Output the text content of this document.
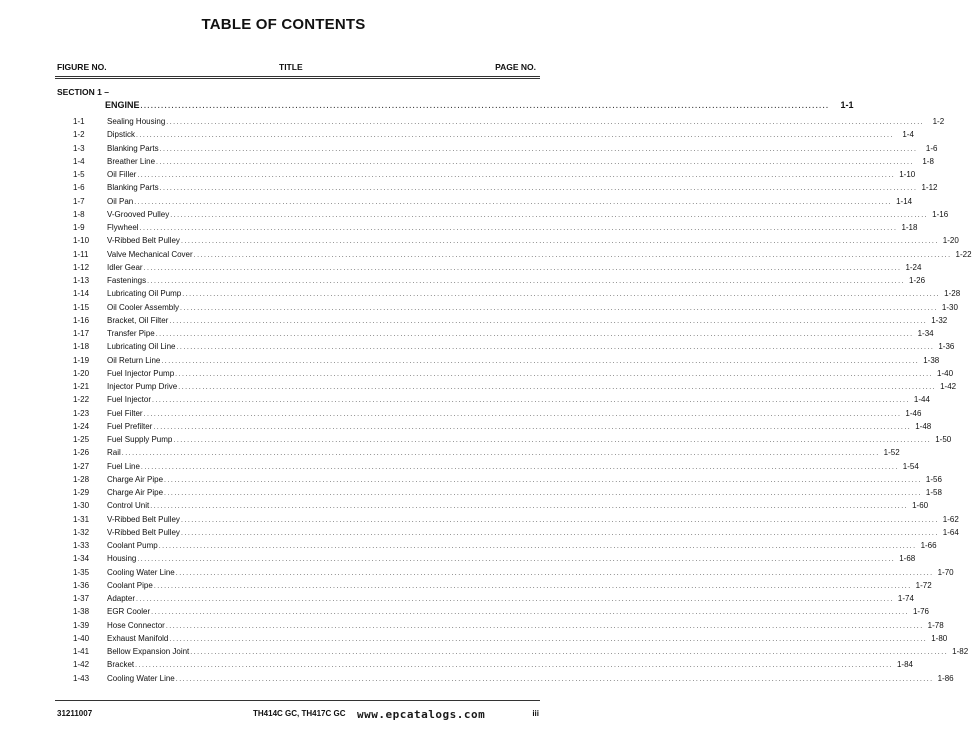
TABLE OF CONTENTS
FIGURE NO.	TITLE	PAGE NO.
SECTION 1 –
ENGINE ........................................................................................................................................................................................................	1-1
1-1	Sealing Housing ............................................................................................................................................................................................................................	1-2
1-2	Dipstick ............................................................................................................................................................................................................................	1-4
1-3	Blanking Parts ............................................................................................................................................................................................................................	1-6
1-4	Breather Line ............................................................................................................................................................................................................................	1-8
1-5	Oil Filler ............................................................................................................................................................................................................................ 1-10
1-6	Blanking Parts ............................................................................................................................................................................................................................ 1-12
1-7	Oil Pan ............................................................................................................................................................................................................................ 1-14
1-8	V-Grooved Pulley ............................................................................................................................................................................................................................ 1-16
1-9	Flywheel ............................................................................................................................................................................................................................ 1-18
1-10 V-Ribbed Belt Pulley ............................................................................................................................................................................................................................ 1-20
1-11 Valve Mechanical Cover ............................................................................................................................................................................................................................ 1-22
1-12 Idler Gear ............................................................................................................................................................................................................................ 1-24
1-13 Fastenings ............................................................................................................................................................................................................................ 1-26
1-14 Lubricating Oil Pump ............................................................................................................................................................................................................................ 1-28
1-15 Oil Cooler Assembly ............................................................................................................................................................................................................................ 1-30
1-16 Bracket, Oil Filter ............................................................................................................................................................................................................................ 1-32
1-17 Transfer Pipe ............................................................................................................................................................................................................................ 1-34
1-18 Lubricating Oil Line ............................................................................................................................................................................................................................ 1-36
1-19 Oil Return Line ............................................................................................................................................................................................................................ 1-38
1-20 Fuel Injector Pump ............................................................................................................................................................................................................................ 1-40
1-21 Injector Pump Drive ............................................................................................................................................................................................................................ 1-42
1-22 Fuel Injector ............................................................................................................................................................................................................................ 1-44
1-23 Fuel Filter ............................................................................................................................................................................................................................ 1-46
1-24 Fuel Prefilter ............................................................................................................................................................................................................................ 1-48
1-25 Fuel Supply Pump ............................................................................................................................................................................................................................ 1-50
1-26 Rail ............................................................................................................................................................................................................................ 1-52
1-27 Fuel Line ............................................................................................................................................................................................................................ 1-54
1-28 Charge Air Pipe ............................................................................................................................................................................................................................ 1-56
1-29 Charge Air Pipe ............................................................................................................................................................................................................................ 1-58
1-30 Control Unit ............................................................................................................................................................................................................................ 1-60
1-31 V-Ribbed Belt Pulley ............................................................................................................................................................................................................................ 1-62
1-32 V-Ribbed Belt Pulley ............................................................................................................................................................................................................................ 1-64
1-33 Coolant Pump ............................................................................................................................................................................................................................ 1-66
1-34 Housing ............................................................................................................................................................................................................................ 1-68
1-35 Cooling Water Line ............................................................................................................................................................................................................................ 1-70
1-36 Coolant Pipe ............................................................................................................................................................................................................................ 1-72
1-37 Adapter ............................................................................................................................................................................................................................ 1-74
1-38 EGR Cooler ............................................................................................................................................................................................................................ 1-76
1-39 Hose Connector ............................................................................................................................................................................................................................ 1-78
1-40 Exhaust Manifold ............................................................................................................................................................................................................................ 1-80
1-41 Bellow Expansion Joint ............................................................................................................................................................................................................................ 1-82
1-42 Bracket ............................................................................................................................................................................................................................ 1-84
1-43 Cooling Water Line ............................................................................................................................................................................................................................ 1-86
31211007	TH414C GC, TH417C GC www.epcatalogs.com	iii
